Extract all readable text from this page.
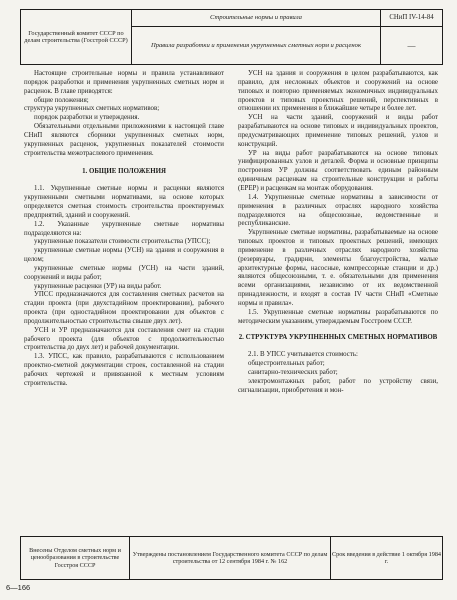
Государственный комитет СССР по делам строительства (Госстрой СССР)
Строительные нормы и правила
Правила разработки и применения укрупненных сметных норм и расценок
СНиП IV-14-84
—

Настоящие строительные нормы и правила устанавливают порядок разработки и применения укрупненных сметных норм и расценок. В главе приводятся:

общие положения;

структура укрупненных сметных нормативов;

порядок разработки и утверждения.

Обязательными отдельными приложениями к настоящей главе СНиП являются сборники укрупненных сметных норм, укрупненных расценок, укрупненных показателей стоимости строительства межотраслевого применения.

1. ОБЩИЕ ПОЛОЖЕНИЯ

1.1. Укрупненные сметные нормы и расценки являются укрупненными сметными нормативами, на основе которых определяется сметная стоимость строительства проектируемых предприятий, зданий и сооружений.

1.2. Указанные укрупненные сметные нормативы подразделяются на:

укрупненные показатели стоимости строительства (УПСС);

укрупненные сметные нормы (УСН) на здания и сооружения в целом;

укрупненные сметные нормы (УСН) на части зданий, сооружений и виды работ;

укрупненные расценки (УР) на виды работ.

УПСС предназначаются для составления сметных расчетов на стадии проекта (при двухстадийном проектировании), рабочего проекта (при одностадийном проектировании для объектов с продолжительностью строительства свыше двух лет).

УСН и УР предназначаются для составления смет на стадии рабочего проекта (для объектов с продолжительностью строительства до двух лет) и рабочей документации.

1.3. УПСС, как правило, разрабатываются с использованием проектно-сметной документации строек, составленной на стадии рабочих чертежей и привязанной к местным условиям строительства.

УСН на здания и сооружения в целом разрабатываются, как правило, для несложных объектов и сооружений на основе типовых и повторно применяемых экономичных индивидуальных проектов и типовых проектных решений, перспективных в отношении их применения в ближайшие четыре и более лет.

УСН на части зданий, сооружений и виды работ разрабатываются на основе типовых и индивидуальных проектов, предусматривающих применение типовых решений, узлов и конструкций.

УР на виды работ разрабатываются на основе типовых унифицированных узлов и деталей. Форма и основные принципы построения УР должны соответствовать единым районным единичным расценкам на строительные конструкции и работы (ЕРЕР) и расценкам на монтаж оборудования.

1.4. Укрупненные сметные нормативы в зависимости от применения в различных отраслях народного хозяйства подразделяются на общесоюзные, ведомственные и республиканские.

Укрупненные сметные нормативы, разрабатываемые на основе типовых проектов и типовых проектных решений, имеющих применение в различных отраслях народного хозяйства (резервуары, градирни, элементы благоустройства, малые архитектурные формы, насосные, компрессорные станции и др.) являются общесоюзными, т. е. обязательными для применения всеми организациями, независимо от их ведомственной принадлежности, и входят в состав IV части СНиП «Сметные нормы и правила».

1.5. Укрупненные сметные нормативы разрабатываются по методическим указаниям, утверждаемым Госстроем СССР.

2. СТРУКТУРА УКРУПНЕННЫХ СМЕТНЫХ НОРМАТИВОВ

2.1. В УПСС учитывается стоимость:

общестроительных работ;

санитарно-технических работ;

электромонтажных работ, работ по устройству связи, сигнализации, приобретения и мон-

Внесены Отделом сметных норм и ценообразования в строительстве Госстроя СССР
Утверждены постановлением Государственного комитета СССР по делам строительства от 12 сентября 1984 г. № 162
Срок введения в действие 1 октября 1984 г.
6—166
